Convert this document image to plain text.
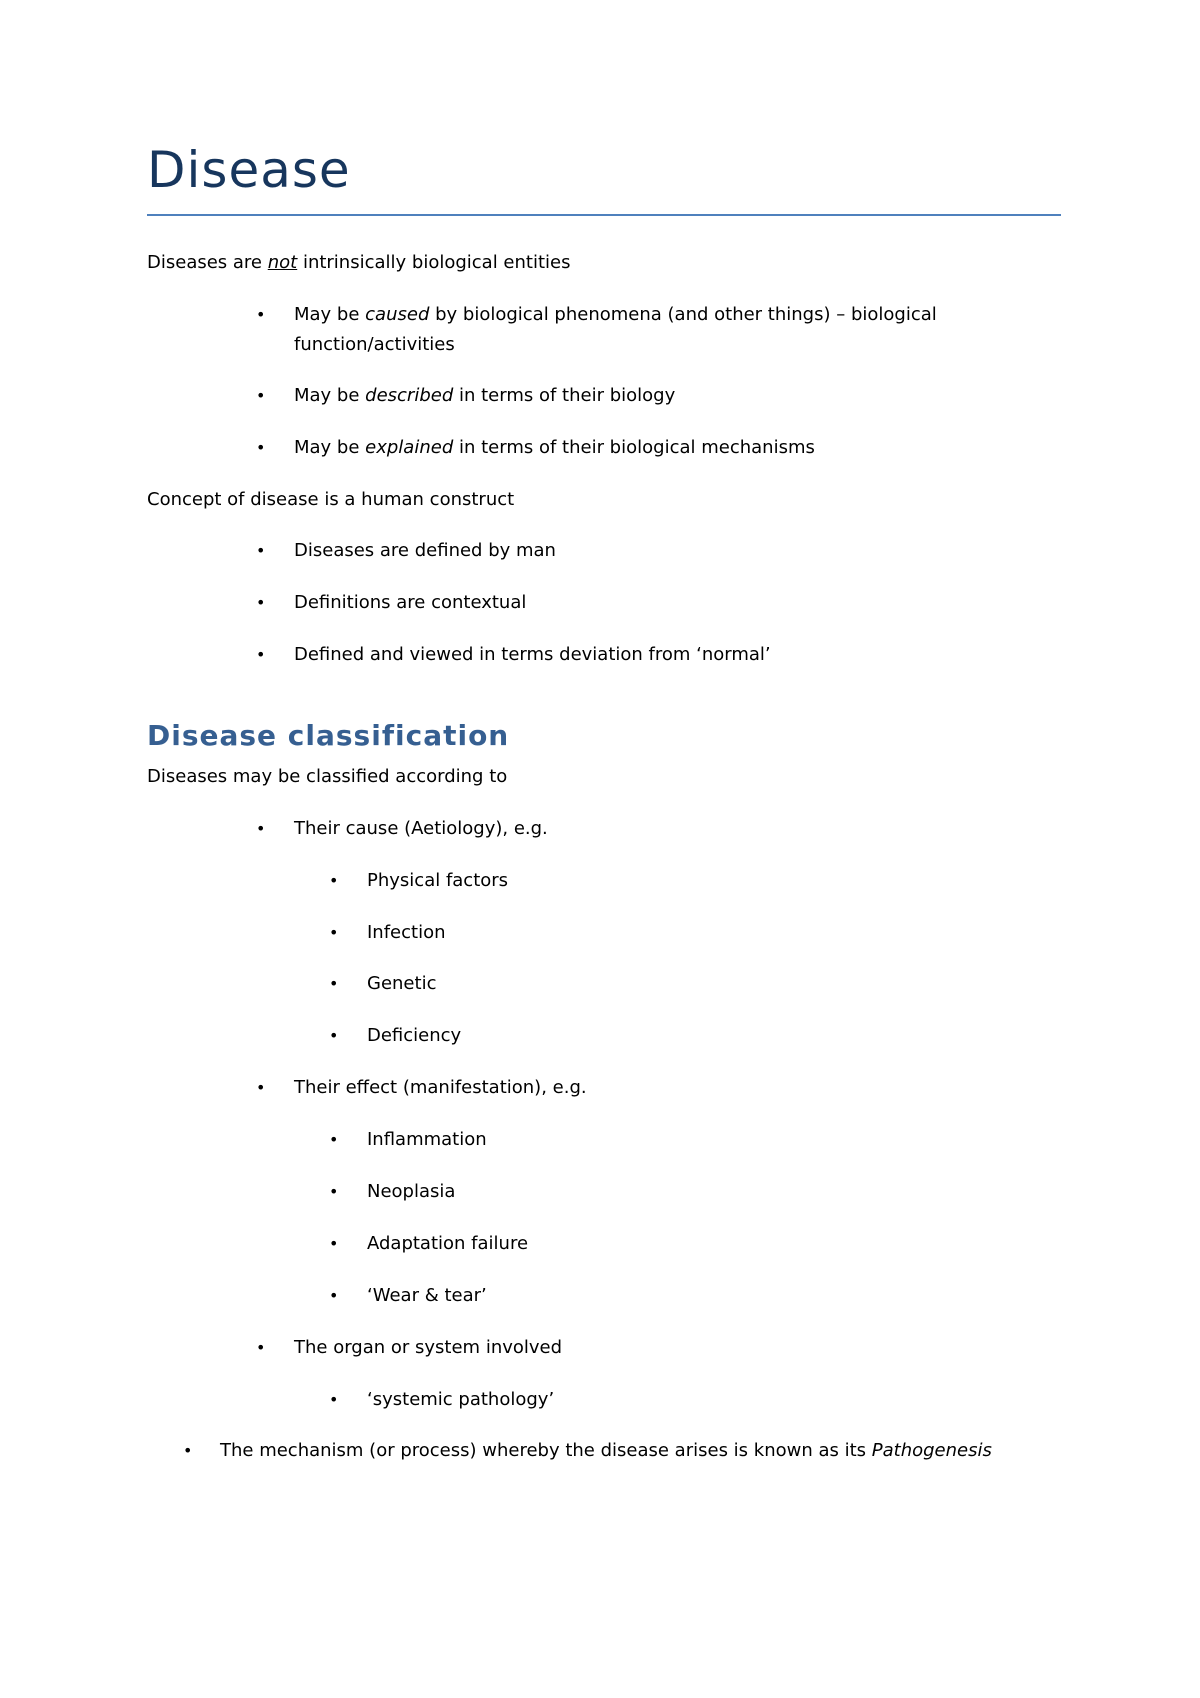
Disease
Diseases are not intrinsically biological entities
• May be caused by biological phenomena (and other things) – biological
function/activities
• May be described in terms of their biology
• May be explained in terms of their biological mechanisms
Concept of disease is a human construct
• Diseases are defined by man
• Definitions are contextual
• Defined and viewed in terms deviation from ‘normal’
Disease classification
Diseases may be classified according to
• Their cause (Aetiology), e.g.
• Physical factors
• Infection
• Genetic
• Deficiency
• Their effect (manifestation), e.g.
• Inflammation
• Neoplasia
• Adaptation failure
• ‘Wear & tear’
• The organ or system involved
• ‘systemic pathology’
• The mechanism (or process) whereby the disease arises is known as its Pathogenesis
